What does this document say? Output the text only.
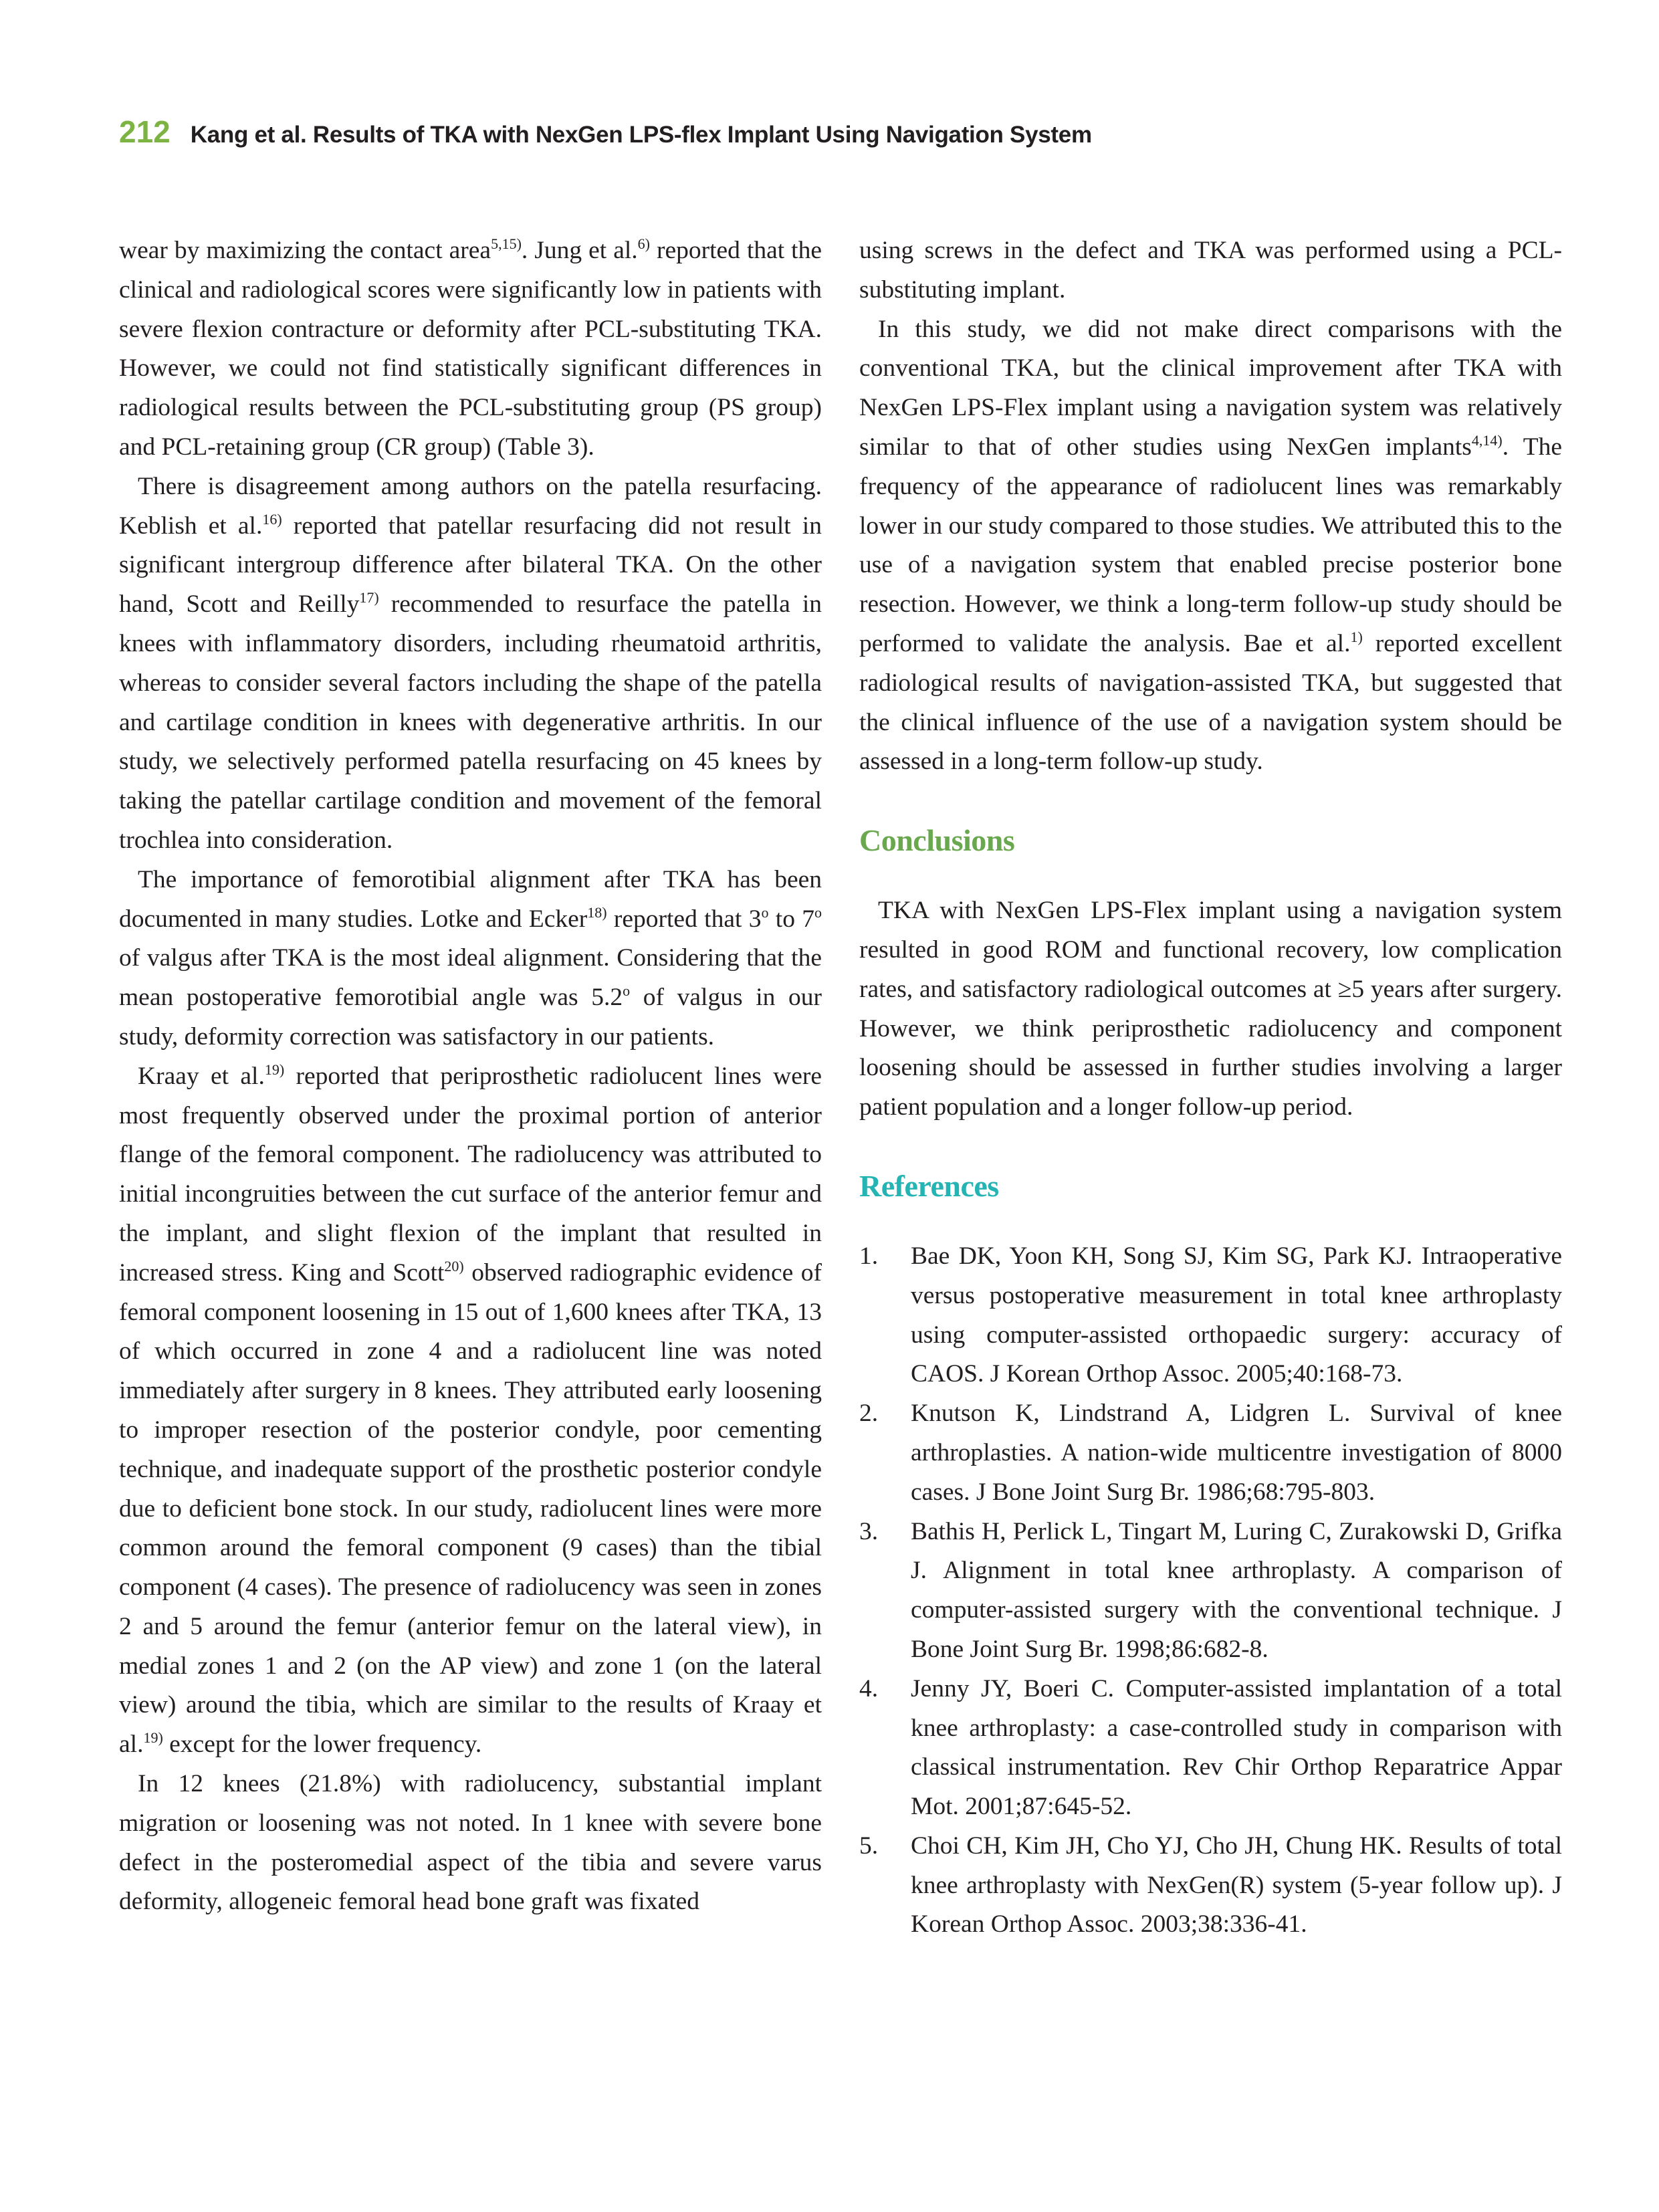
212 Kang et al. Results of TKA with NexGen LPS-flex Implant Using Navigation System

wear by maximizing the contact area$^{5,15)}$. Jung et al.$^{6)}$ reported that the clinical and radiological scores were significantly low in patients with severe flexion contracture or deformity after PCL-substituting TKA. However, we could not find statistically significant differences in radiological results between the PCL-substituting group (PS group) and PCL-retaining group (CR group) (Table 3).

There is disagreement among authors on the patella resurfacing. Keblish et al.$^{16)}$ reported that patellar resurfacing did not result in significant intergroup difference after bilateral TKA. On the other hand, Scott and Reilly$^{17)}$ recommended to resurface the patella in knees with inflammatory disorders, including rheumatoid arthritis, whereas to consider several factors including the shape of the patella and cartilage condition in knees with degenerative arthritis. In our study, we selectively performed patella resurfacing on 45 knees by taking the patellar cartilage condition and movement of the femoral trochlea into consideration.

The importance of femorotibial alignment after TKA has been documented in many studies. Lotke and Ecker$^{18)}$ reported that 3$^o$ to 7$^o$ of valgus after TKA is the most ideal alignment. Considering that the mean postoperative femorotibial angle was 5.2$^o$ of valgus in our study, deformity correction was satisfactory in our patients.

Kraay et al.$^{19)}$ reported that periprosthetic radiolucent lines were most frequently observed under the proximal portion of anterior flange of the femoral component. The radiolucency was attributed to initial incongruities between the cut surface of the anterior femur and the implant, and slight flexion of the implant that resulted in increased stress. King and Scott$^{20)}$ observed radiographic evidence of femoral component loosening in 15 out of 1,600 knees after TKA, 13 of which occurred in zone 4 and a radiolucent line was noted immediately after surgery in 8 knees. They attributed early loosening to improper resection of the posterior condyle, poor cementing technique, and inadequate support of the prosthetic posterior condyle due to deficient bone stock. In our study, radiolucent lines were more common around the femoral component (9 cases) than the tibial component (4 cases). The presence of radiolucency was seen in zones 2 and 5 around the femur (anterior femur on the lateral view), in medial zones 1 and 2 (on the AP view) and zone 1 (on the lateral view) around the tibia, which are similar to the results of Kraay et al.$^{19)}$ except for the lower frequency.

In 12 knees (21.8%) with radiolucency, substantial implant migration or loosening was not noted. In 1 knee with severe bone defect in the posteromedial aspect of the tibia and severe varus deformity, allogeneic femoral head bone graft was fixated

using screws in the defect and TKA was performed using a PCL-substituting implant.

In this study, we did not make direct comparisons with the conventional TKA, but the clinical improvement after TKA with NexGen LPS-Flex implant using a navigation system was relatively similar to that of other studies using NexGen implants$^{4,14)}$. The frequency of the appearance of radiolucent lines was remarkably lower in our study compared to those studies. We attributed this to the use of a navigation system that enabled precise posterior bone resection. However, we think a long-term follow-up study should be performed to validate the analysis. Bae et al.$^{1)}$ reported excellent radiological results of navigation-assisted TKA, but suggested that the clinical influence of the use of a navigation system should be assessed in a long-term follow-up study.

Conclusions

TKA with NexGen LPS-Flex implant using a navigation system resulted in good ROM and functional recovery, low complication rates, and satisfactory radiological outcomes at ≥5 years after surgery. However, we think periprosthetic radiolucency and component loosening should be assessed in further studies involving a larger patient population and a longer follow-up period.

References
1. Bae DK, Yoon KH, Song SJ, Kim SG, Park KJ. Intraoperative versus postoperative measurement in total knee arthroplasty using computer-assisted orthopaedic surgery: accuracy of CAOS. J Korean Orthop Assoc. 2005;40:168-73.
2. Knutson K, Lindstrand A, Lidgren L. Survival of knee arthroplasties. A nation-wide multicentre investigation of 8000 cases. J Bone Joint Surg Br. 1986;68:795-803.
3. Bathis H, Perlick L, Tingart M, Luring C, Zurakowski D, Grifka J. Alignment in total knee arthroplasty. A comparison of computer-assisted surgery with the conventional technique. J Bone Joint Surg Br. 1998;86:682-8.
4. Jenny JY, Boeri C. Computer-assisted implantation of a total knee arthroplasty: a case-controlled study in comparison with classical instrumentation. Rev Chir Orthop Reparatrice Appar Mot. 2001;87:645-52.
5. Choi CH, Kim JH, Cho YJ, Cho JH, Chung HK. Results of total knee arthroplasty with NexGen(R) system (5-year follow up). J Korean Orthop Assoc. 2003;38:336-41.
